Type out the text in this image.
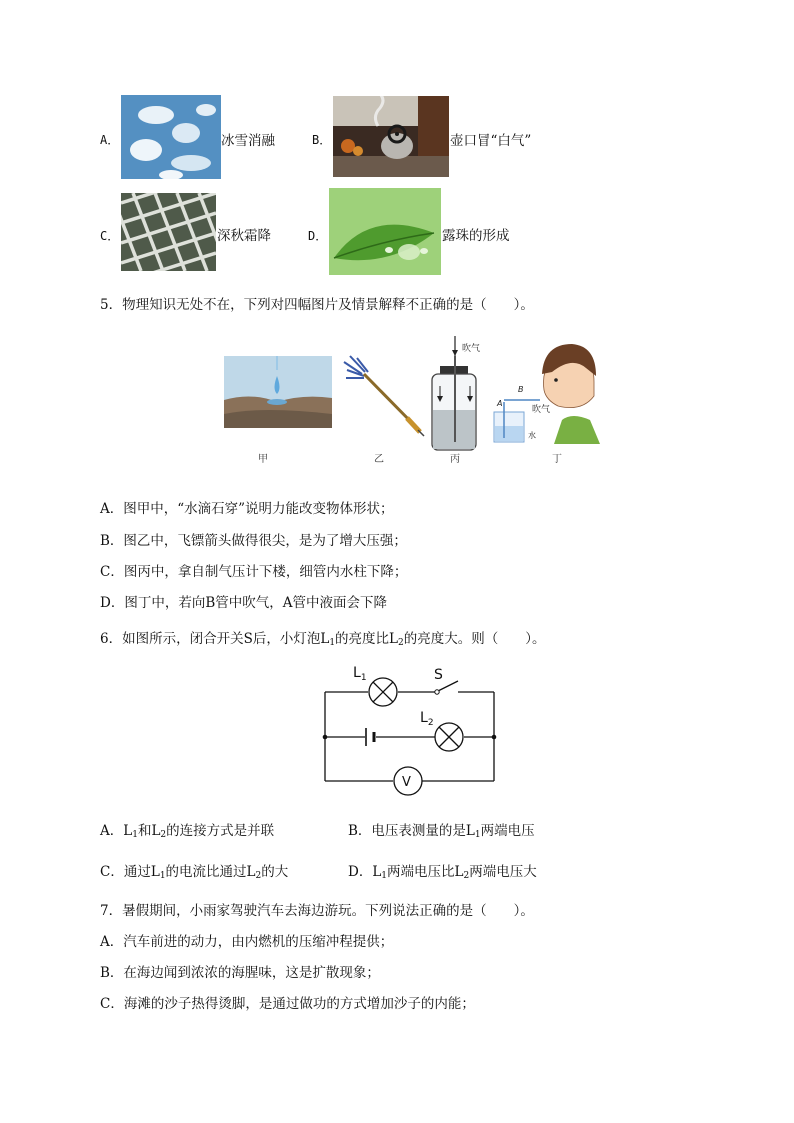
A．	冰雪消融	B．	壶口冒“白气”
C．	深秋霜降	D．	露珠的形成
5．物理知识无处不在，下列对四幅图片及情景解释不正确的是（　　）。
吹气
A
B
吹气
水
甲	乙	丙	丁
A．图甲中，“水滴石穿”说明力能改变物体形状；
B．图乙中，飞镖箭头做得很尖，是为了增大压强；
C．图丙中，拿自制气压计下楼，细管内水柱下降；
D．图丁中，若向B管中吹气，A管中液面会下降
6．如图所示，闭合开关S后，小灯泡$L_1$的亮度比$L_2$的亮度大。则（　　）。
$L_1$	S
$L_2$
V
A．$L_1$和$L_2$的连接方式是并联	B．电压表测量的是$L_1$两端电压
C．通过$L_1$的电流比通过$L_2$的大	D．$L_1$两端电压比$L_2$两端电压大
7．暑假期间，小雨家驾驶汽车去海边游玩。下列说法正确的是（　　）。
A．汽车前进的动力，由内燃机的压缩冲程提供；
B．在海边闻到浓浓的海腥味，这是扩散现象；
C．海滩的沙子热得烫脚，是通过做功的方式增加沙子的内能；
